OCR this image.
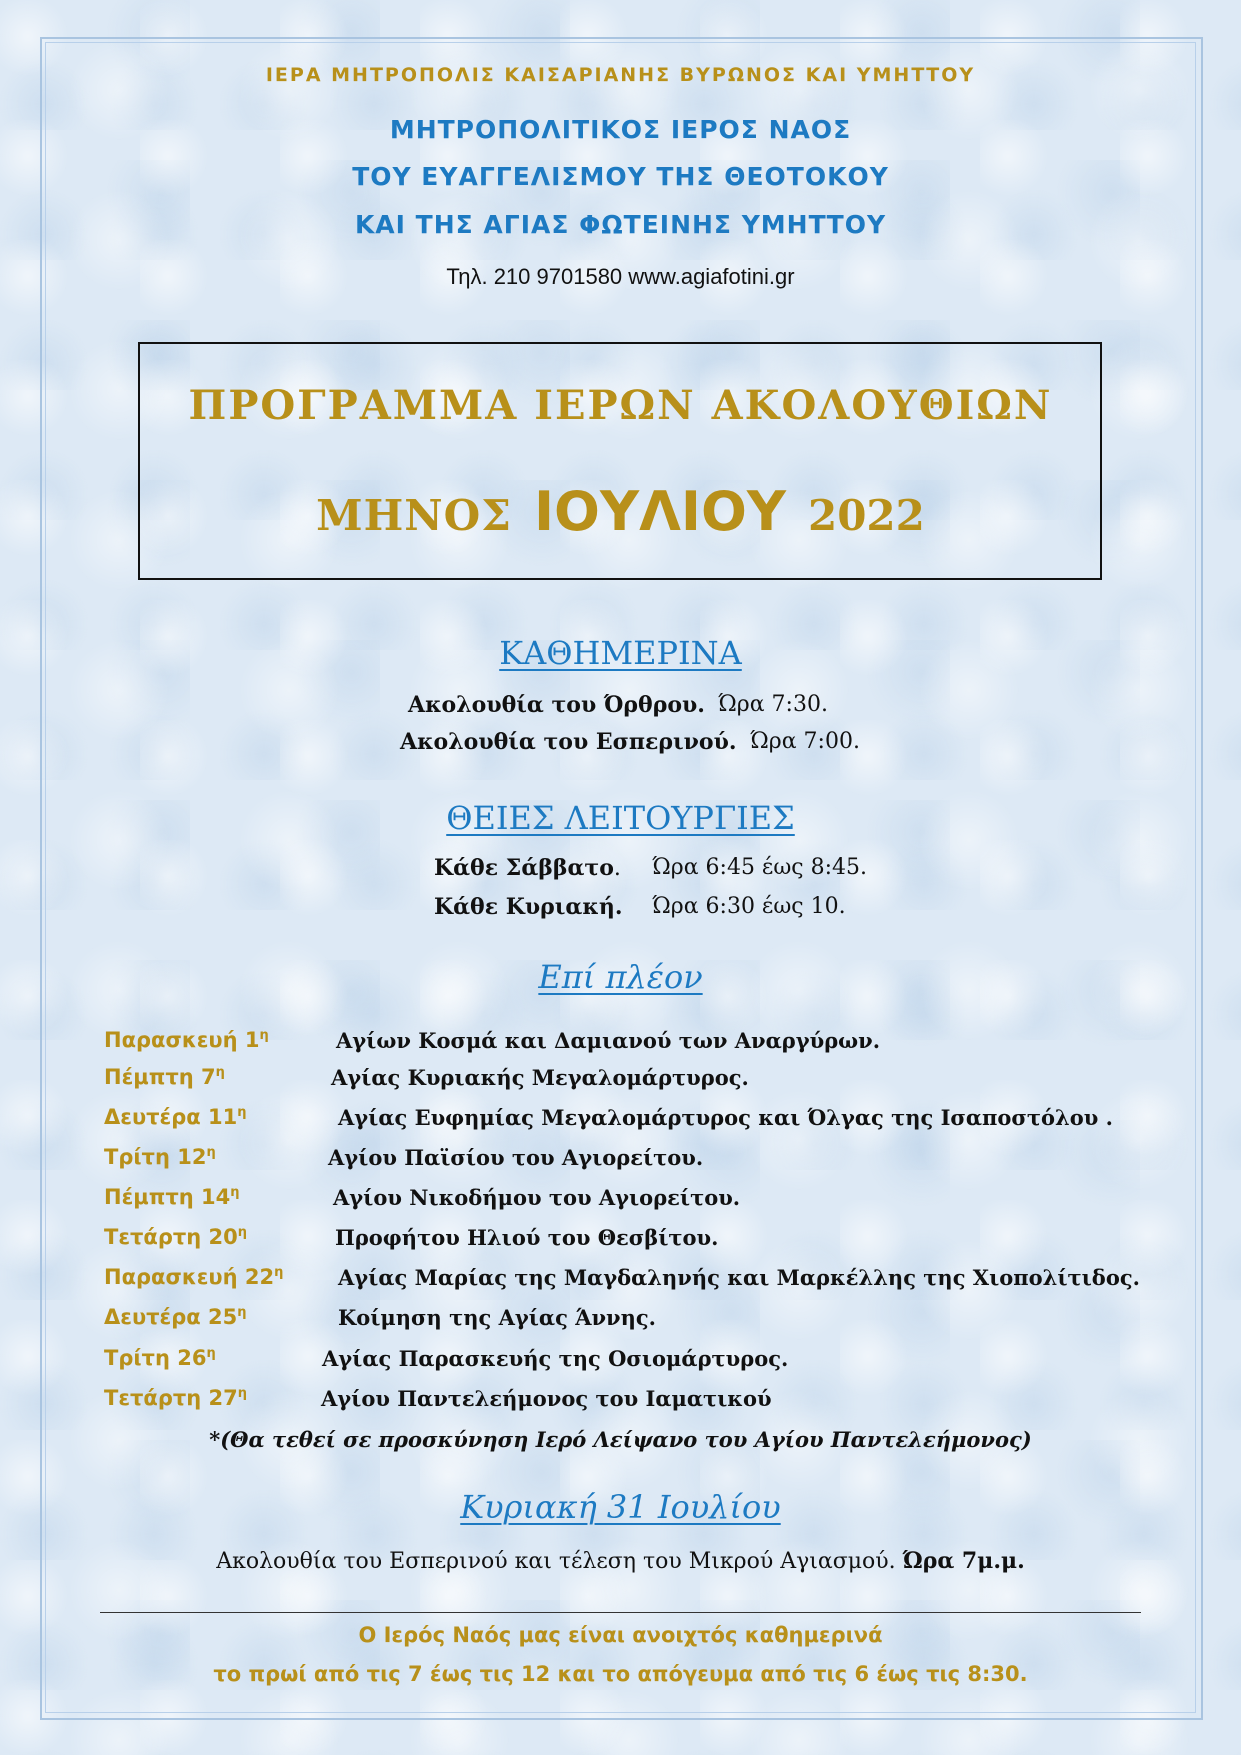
ΙΕΡΑ ΜΗΤΡΟΠΟΛΙΣ ΚΑΙΣΑΡΙΑΝΗΣ ΒΥΡΩΝΟΣ ΚΑΙ ΥΜΗΤΤΟΥ
ΜΗΤΡΟΠΟΛΙΤΙΚΟΣ ΙΕΡΟΣ ΝΑΟΣ
ΤΟΥ ΕΥΑΓΓΕΛΙΣΜΟΥ ΤΗΣ ΘΕΟΤΟΚΟΥ
ΚΑΙ ΤΗΣ ΑΓΙΑΣ ΦΩΤΕΙΝΗΣ ΥΜΗΤΤΟΥ
Τηλ. 210 9701580 www.agiafotini.gr
ΠΡΟΓΡΑΜΜΑ ΙΕΡΩΝ ΑΚΟΛΟΥΘΙΩΝ
ΜΗΝΟΣ ΙΟΥΛΙΟΥ 2022
ΚΑΘΗΜΕΡΙΝΑ
Ακολουθία του Όρθρου. Ώρα 7:30.
Ακολουθία του Εσπερινού. Ώρα 7:00.
ΘΕΙΕΣ ΛΕΙΤΟΥΡΓΙΕΣ
Κάθε Σάββατο. Ώρα 6:45 έως 8:45.
Κάθε Κυριακή. Ώρα 6:30 έως 10.
Επί πλέον
Παρασκευή $1^\eta$	Αγίων Κοσμά και Δαμιανού των Αναργύρων.
Πέμπτη $7^\eta$	Αγίας Κυριακής Μεγαλομάρτυρος.
Δευτέρα $11^\eta$	Αγίας Ευφημίας Μεγαλομάρτυρος και Όλγας της Ισαποστόλου .
Τρίτη $12^\eta$	Αγίου Παϊσίου του Αγιορείτου.
Πέμπτη $14^\eta$	Αγίου Νικοδήμου του Αγιορείτου.
Τετάρτη $20^\eta$	Προφήτου Ηλιού του Θεσβίτου.
Παρασκευή $22^\eta$	Αγίας Μαρίας της Μαγδαληνής και Μαρκέλλης της Χιοπολίτιδος.
Δευτέρα $25^\eta$	Κοίμηση της Αγίας Άννης.
Τρίτη $26^\eta$	Αγίας Παρασκευής της Οσιομάρτυρος.
Τετάρτη $27^\eta$	Αγίου Παντελεήμονος του Ιαματικού
*(Θα τεθεί σε προσκύνηση Ιερό Λείψανο του Αγίου Παντελεήμονος)
Κυριακή 31 Ιουλίου
Ακολουθία του Εσπερινού και τέλεση του Μικρού Αγιασμού. Ώρα 7μ.μ.
Ο Ιερός Ναός μας είναι ανοιχτός καθημερινά
το πρωί από τις 7 έως τις 12 και το απόγευμα από τις 6 έως τις 8:30.
